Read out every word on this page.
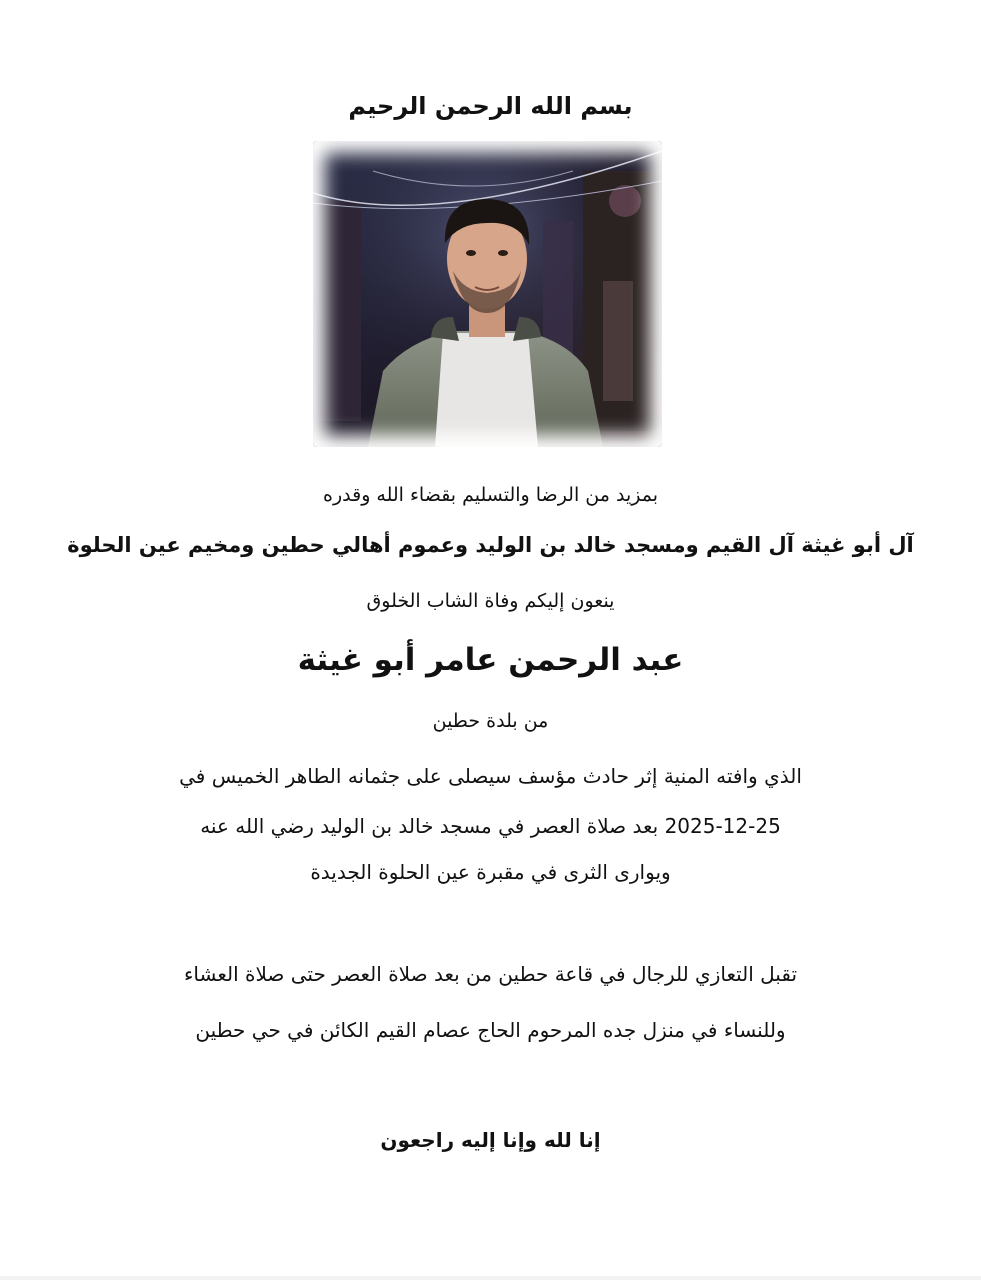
بسم الله الرحمن الرحيم
بمزيد من الرضا والتسليم بقضاء الله وقدره
آل أبو غيثة آل القيم ومسجد خالد بن الوليد وعموم أهالي حطين ومخيم عين الحلوة
ينعون إليكم وفاة الشاب الخلوق
عبد الرحمن عامر أبو غيثة
من بلدة حطين
الذي وافته المنية إثر حادث مؤسف سيصلى على جثمانه الطاهر الخميس في
2025-12-25 بعد صلاة العصر في مسجد خالد بن الوليد رضي الله عنه
ويوارى الثرى في مقبرة عين الحلوة الجديدة
تقبل التعازي للرجال في قاعة حطين من بعد صلاة العصر حتى صلاة العشاء
وللنساء في منزل جده المرحوم الحاج عصام القيم الكائن في حي حطين
إنا لله وإنا إليه راجعون
